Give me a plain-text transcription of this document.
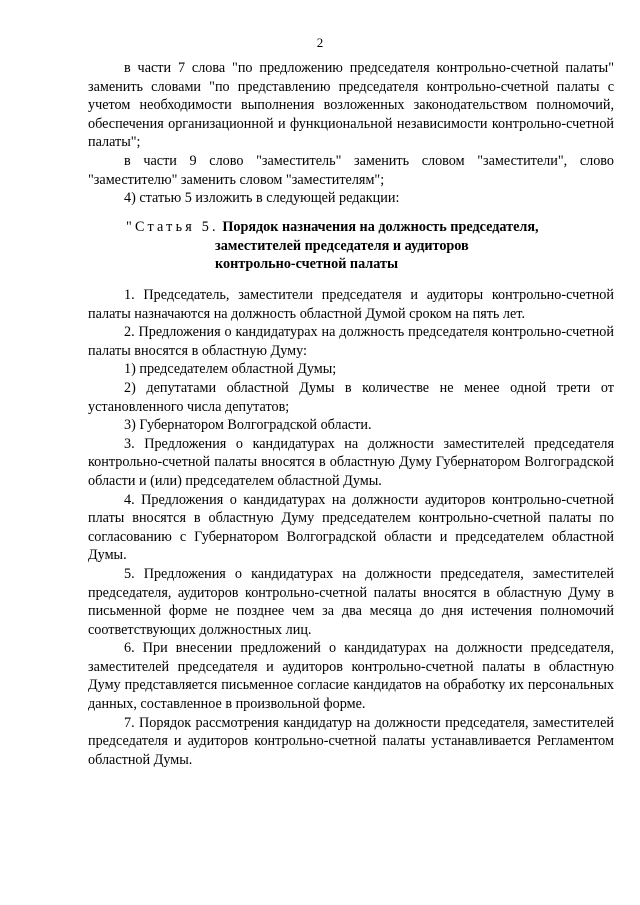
2

в части 7 слова "по предложению председателя контрольно-счетной палаты" заменить словами "по представлению председателя контрольно-счетной палаты с учетом необходимости выполнения возложенных законодательством полномочий, обеспечения организационной и функциональной независимости контрольно-счетной палаты";

в части 9 слово "заместитель" заменить словом "заместители", слово "заместителю" заменить словом "заместителям";

4) статью 5 изложить в следующей редакции:

"Статья 5. Порядок назначения на должность председателя,
заместителей председателя и аудиторов
контрольно-счетной палаты

1. Председатель, заместители председателя и аудиторы контрольно-счетной палаты назначаются на должность областной Думой сроком на пять лет.

2. Предложения о кандидатурах на должность председателя контрольно-счетной палаты вносятся в областную Думу:

1) председателем областной Думы;

2) депутатами областной Думы в количестве не менее одной трети от установленного числа депутатов;

3) Губернатором Волгоградской области.

3. Предложения о кандидатурах на должности заместителей председателя контрольно-счетной палаты вносятся в областную Думу Губернатором Волгоградской области и (или) председателем областной Думы.

4. Предложения о кандидатурах на должности аудиторов контрольно-счетной платы вносятся в областную Думу председателем контрольно-счетной палаты по согласованию с Губернатором Волгоградской области и председателем областной Думы.

5. Предложения о кандидатурах на должности председателя, заместителей председателя, аудиторов контрольно-счетной палаты вносятся в областную Думу в письменной форме не позднее чем за два месяца до дня истечения полномочий соответствующих должностных лиц.

6. При внесении предложений о кандидатурах на должности председателя, заместителей председателя и аудиторов контрольно-счетной палаты в областную Думу представляется письменное согласие кандидатов на обработку их персональных данных, составленное в произвольной форме.

7. Порядок рассмотрения кандидатур на должности председателя, заместителей председателя и аудиторов контрольно-счетной палаты устанавливается Регламентом областной Думы.
